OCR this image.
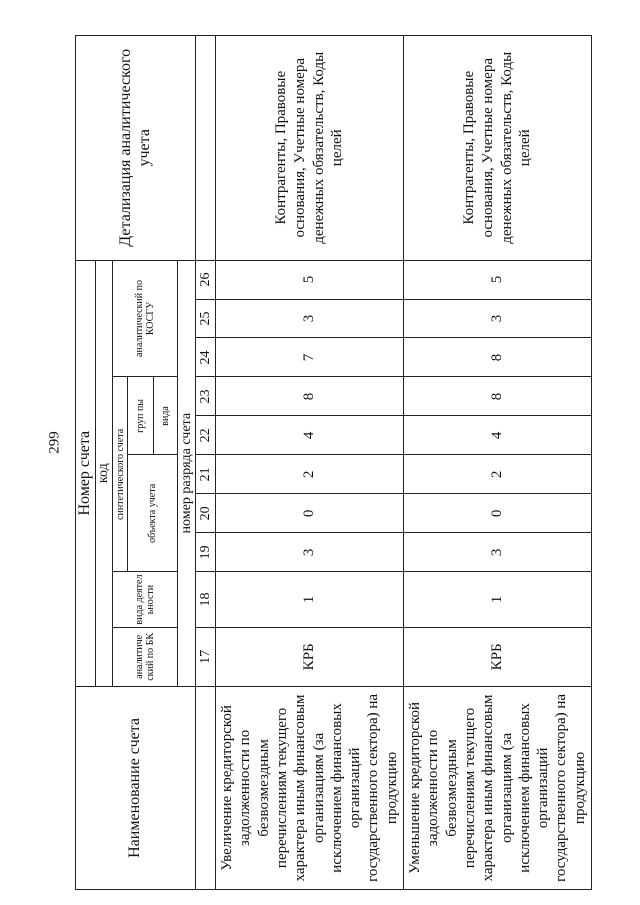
299
Наименование счета	Номер счета										Детализация аналитического учета
	код										
	аналитиче ский по БК	вида деятел ьности	синтетического счета					аналитический по КОСГУ			
			объекта учета			груп пы					
						вида					
	номер разряда счета										
	17	18	19	20	21	22	23	24	25	26	
Увеличение кредиторской задолженности по безвозмездным перечислениям текущего характера иным финансовым организациям (за исключением финансовых организаций государственного сектора) на продукцию	КРБ	1	3	0	2	4	8	7	3	5	Контрагенты, Правовые основания, Учетные номера денежных обязательств, Коды целей
Уменьшение кредиторской задолженности по безвозмездным перечислениям текущего характера иным финансовым организациям (за исключением финансовых организаций государственного сектора) на продукцию	КРБ	1	3	0	2	4	8	8	3	5	Контрагенты, Правовые основания, Учетные номера денежных обязательств, Коды целей
